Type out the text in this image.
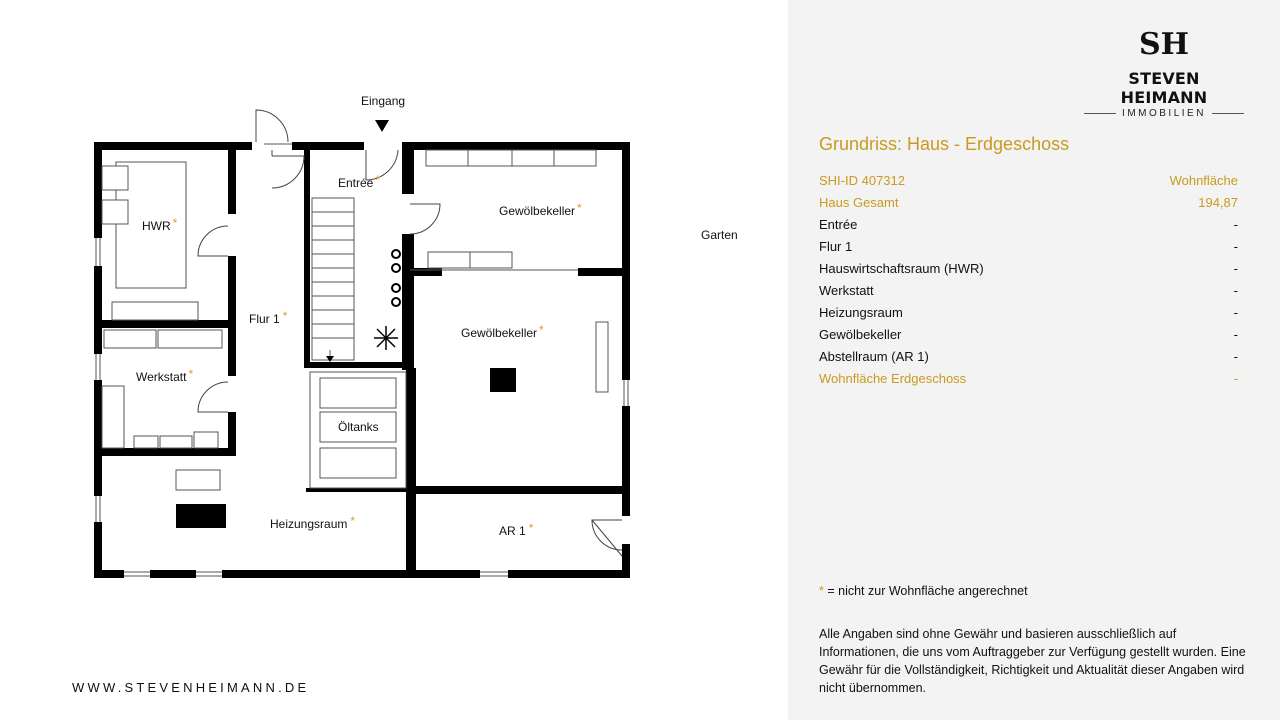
HWR *
Flur 1 *
Entrée *
Gewölbekeller *
Gewölbekeller *
Werkstatt *
Öltanks
Heizungsraum *
AR 1 *
Eingang
Garten
WWW.STEVENHEIMANN.DE
SH
STEVEN HEIMANN
IMMOBILIEN
Grundriss: Haus - Erdgeschoss
SHI-ID 407312	Wohnfläche
Haus Gesamt	194,87
Entrée	-
Flur 1	-
Hauswirtschaftsraum (HWR)	-
Werkstatt	-
Heizungsraum	-
Gewölbekeller	-
Abstellraum (AR 1)	-
Wohnfläche Erdgeschoss	-
* = nicht zur Wohnfläche angerechnet
Alle Angaben sind ohne Gewähr und basieren ausschließlich auf Informationen, die uns vom Auftraggeber zur Verfügung gestellt wurden. Eine Gewähr für die Vollständigkeit, Richtigkeit und Aktualität dieser Angaben wird nicht übernommen.
